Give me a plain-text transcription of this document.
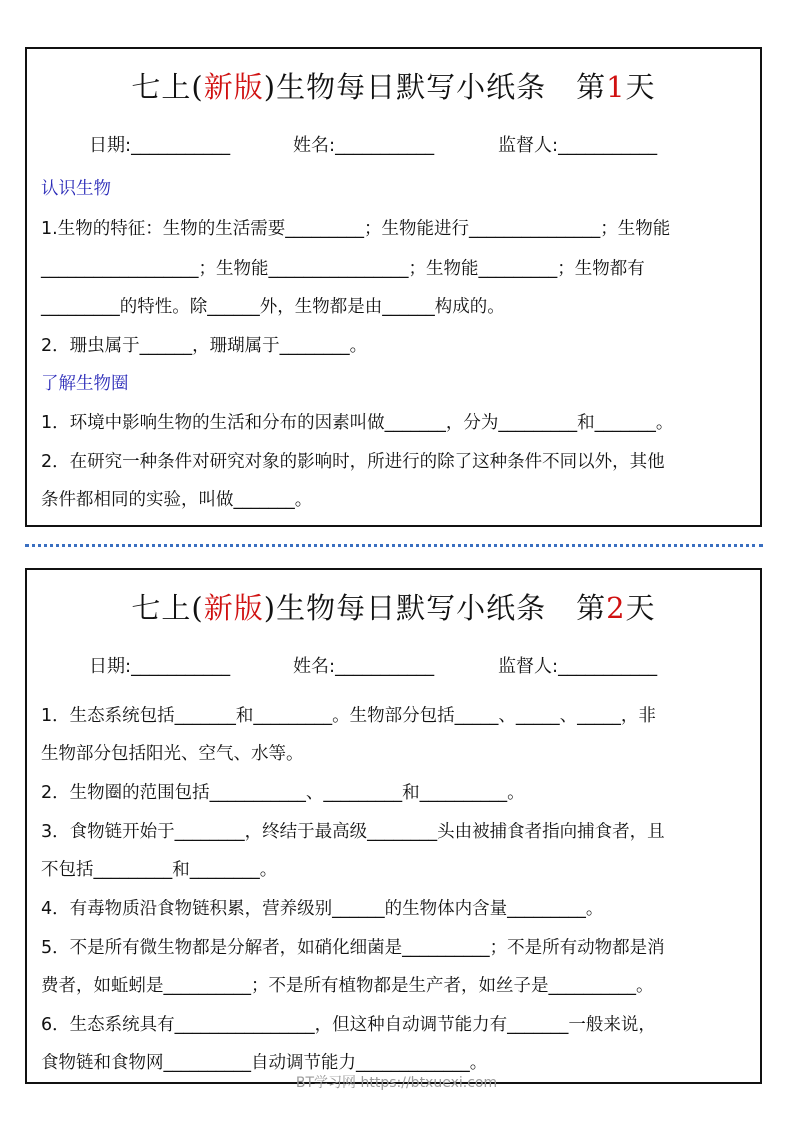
七上(新版)生物每日默写小纸条　第1天
日期:___________	姓名:___________	监督人:___________
认识生物
1.生物的特征：生物的生活需要_________；生物能进行_______________；生物能
__________________；生物能________________；生物能_________；生物都有
_________的特性。除______外，生物都是由______构成的。
2．珊虫属于______，珊瑚属于________。
了解生物圈
1．环境中影响生物的生活和分布的因素叫做_______，分为_________和_______。
2．在研究一种条件对研究对象的影响时，所进行的除了这种条件不同以外，其他
条件都相同的实验，叫做_______。
七上(新版)生物每日默写小纸条　第2天
日期:___________	姓名:___________	监督人:___________
1．生态系统包括_______和_________。生物部分包括_____、_____、_____，非
生物部分包括阳光、空气、水等。
2．生物圈的范围包括___________、_________和__________。
3．食物链开始于________，终结于最高级________头由被捕食者指向捕食者，且
不包括_________和________。
4．有毒物质沿食物链积累，营养级别______的生物体内含量_________。
5．不是所有微生物都是分解者，如硝化细菌是__________；不是所有动物都是消
费者，如蚯蚓是__________；不是所有植物都是生产者，如丝子是__________。
6．生态系统具有________________，但这种自动调节能力有_______一般来说，
食物链和食物网__________自动调节能力_____________。
BT学习网 https://btxuexi.com
